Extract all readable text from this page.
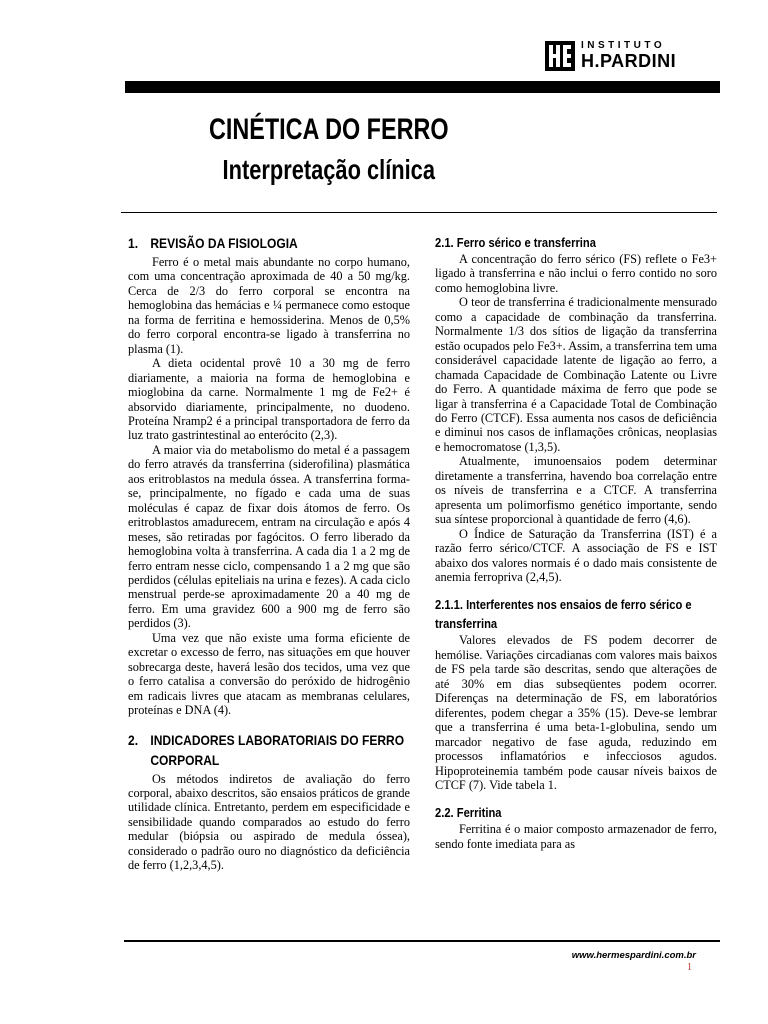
INSTITUTO
H.PARDINI
CINÉTICA DO FERRO
Interpretação clínica
1. REVISÃO DA FISIOLOGIA

Ferro é o metal mais abundante no corpo humano, com uma concentração aproximada de 40 a 50 mg/kg. Cerca de 2/3 do ferro corporal se encontra na hemoglobina das hemácias e ¼ permanece como estoque na forma de ferritina e hemossiderina. Menos de 0,5% do ferro corporal encontra-se ligado à transferrina no plasma (1).

A dieta ocidental provê 10 a 30 mg de ferro diariamente, a maioria na forma de hemoglobina e mioglobina da carne. Normalmente 1 mg de Fe2+ é absorvido diariamente, principalmente, no duodeno. Proteína Nramp2 é a principal transportadora de ferro da luz trato gastrintestinal ao enterócito (2,3).

A maior via do metabolismo do metal é a passagem do ferro através da transferrina (siderofilina) plasmática aos eritroblastos na medula óssea. A transferrina forma-se, principalmente, no fígado e cada uma de suas moléculas é capaz de fixar dois átomos de ferro. Os eritroblastos amadurecem, entram na circulação e após 4 meses, são retiradas por fagócitos. O ferro liberado da hemoglobina volta à transferrina. A cada dia 1 a 2 mg de ferro entram nesse ciclo, compensando 1 a 2 mg que são perdidos (células epiteliais na urina e fezes). A cada ciclo menstrual perde-se aproximadamente 20 a 40 mg de ferro. Em uma gravidez 600 a 900 mg de ferro são perdidos (3).

Uma vez que não existe uma forma eficiente de excretar o excesso de ferro, nas situações em que houver sobrecarga deste, haverá lesão dos tecidos, uma vez que o ferro catalisa a conversão do peróxido de hidrogênio em radicais livres que atacam as membranas celulares, proteínas e DNA (4).

2. INDICADORES LABORATORIAIS DO FERRO CORPORAL

Os métodos indiretos de avaliação do ferro corporal, abaixo descritos, são ensaios práticos de grande utilidade clínica. Entretanto, perdem em especificidade e sensibilidade quando comparados ao estudo do ferro medular (biópsia ou aspirado de medula óssea), considerado o padrão ouro no diagnóstico da deficiência de ferro (1,2,3,4,5).

2.1. Ferro sérico e transferrina

A concentração do ferro sérico (FS) reflete o Fe3+ ligado à transferrina e não inclui o ferro contido no soro como hemoglobina livre.

O teor de transferrina é tradicionalmente mensurado como a capacidade de combinação da transferrina. Normalmente 1/3 dos sítios de ligação da transferrina estão ocupados pelo Fe3+. Assim, a transferrina tem uma considerável capacidade latente de ligação ao ferro, a chamada Capacidade de Combinação Latente ou Livre do Ferro. A quantidade máxima de ferro que pode se ligar à transferrina é a Capacidade Total de Combinação do Ferro (CTCF). Essa aumenta nos casos de deficiência e diminui nos casos de inflamações crônicas, neoplasias e hemocromatose (1,3,5).

Atualmente, imunoensaios podem determinar diretamente a transferrina, havendo boa correlação entre os níveis de transferrina e a CTCF. A transferrina apresenta um polimorfismo genético importante, sendo sua síntese proporcional à quantidade de ferro (4,6).

O Índice de Saturação da Transferrina (IST) é a razão ferro sérico/CTCF. A associação de FS e IST abaixo dos valores normais é o dado mais consistente de anemia ferropriva (2,4,5).

2.1.1. Interferentes nos ensaios de ferro sérico e transferrina

Valores elevados de FS podem decorrer de hemólise. Variações circadianas com valores mais baixos de FS pela tarde são descritas, sendo que alterações de até 30% em dias subseqüentes podem ocorrer. Diferenças na determinação de FS, em laboratórios diferentes, podem chegar a 35% (15). Deve-se lembrar que a transferrina é uma beta-1-globulina, sendo um marcador negativo de fase aguda, reduzindo em processos inflamatórios e infecciosos agudos. Hipoproteinemia também pode causar níveis baixos de CTCF (7). Vide tabela 1.

2.2. Ferritina

Ferritina é o maior composto armazenador de ferro, sendo fonte imediata para as

www.hermespardini.com.br
1
